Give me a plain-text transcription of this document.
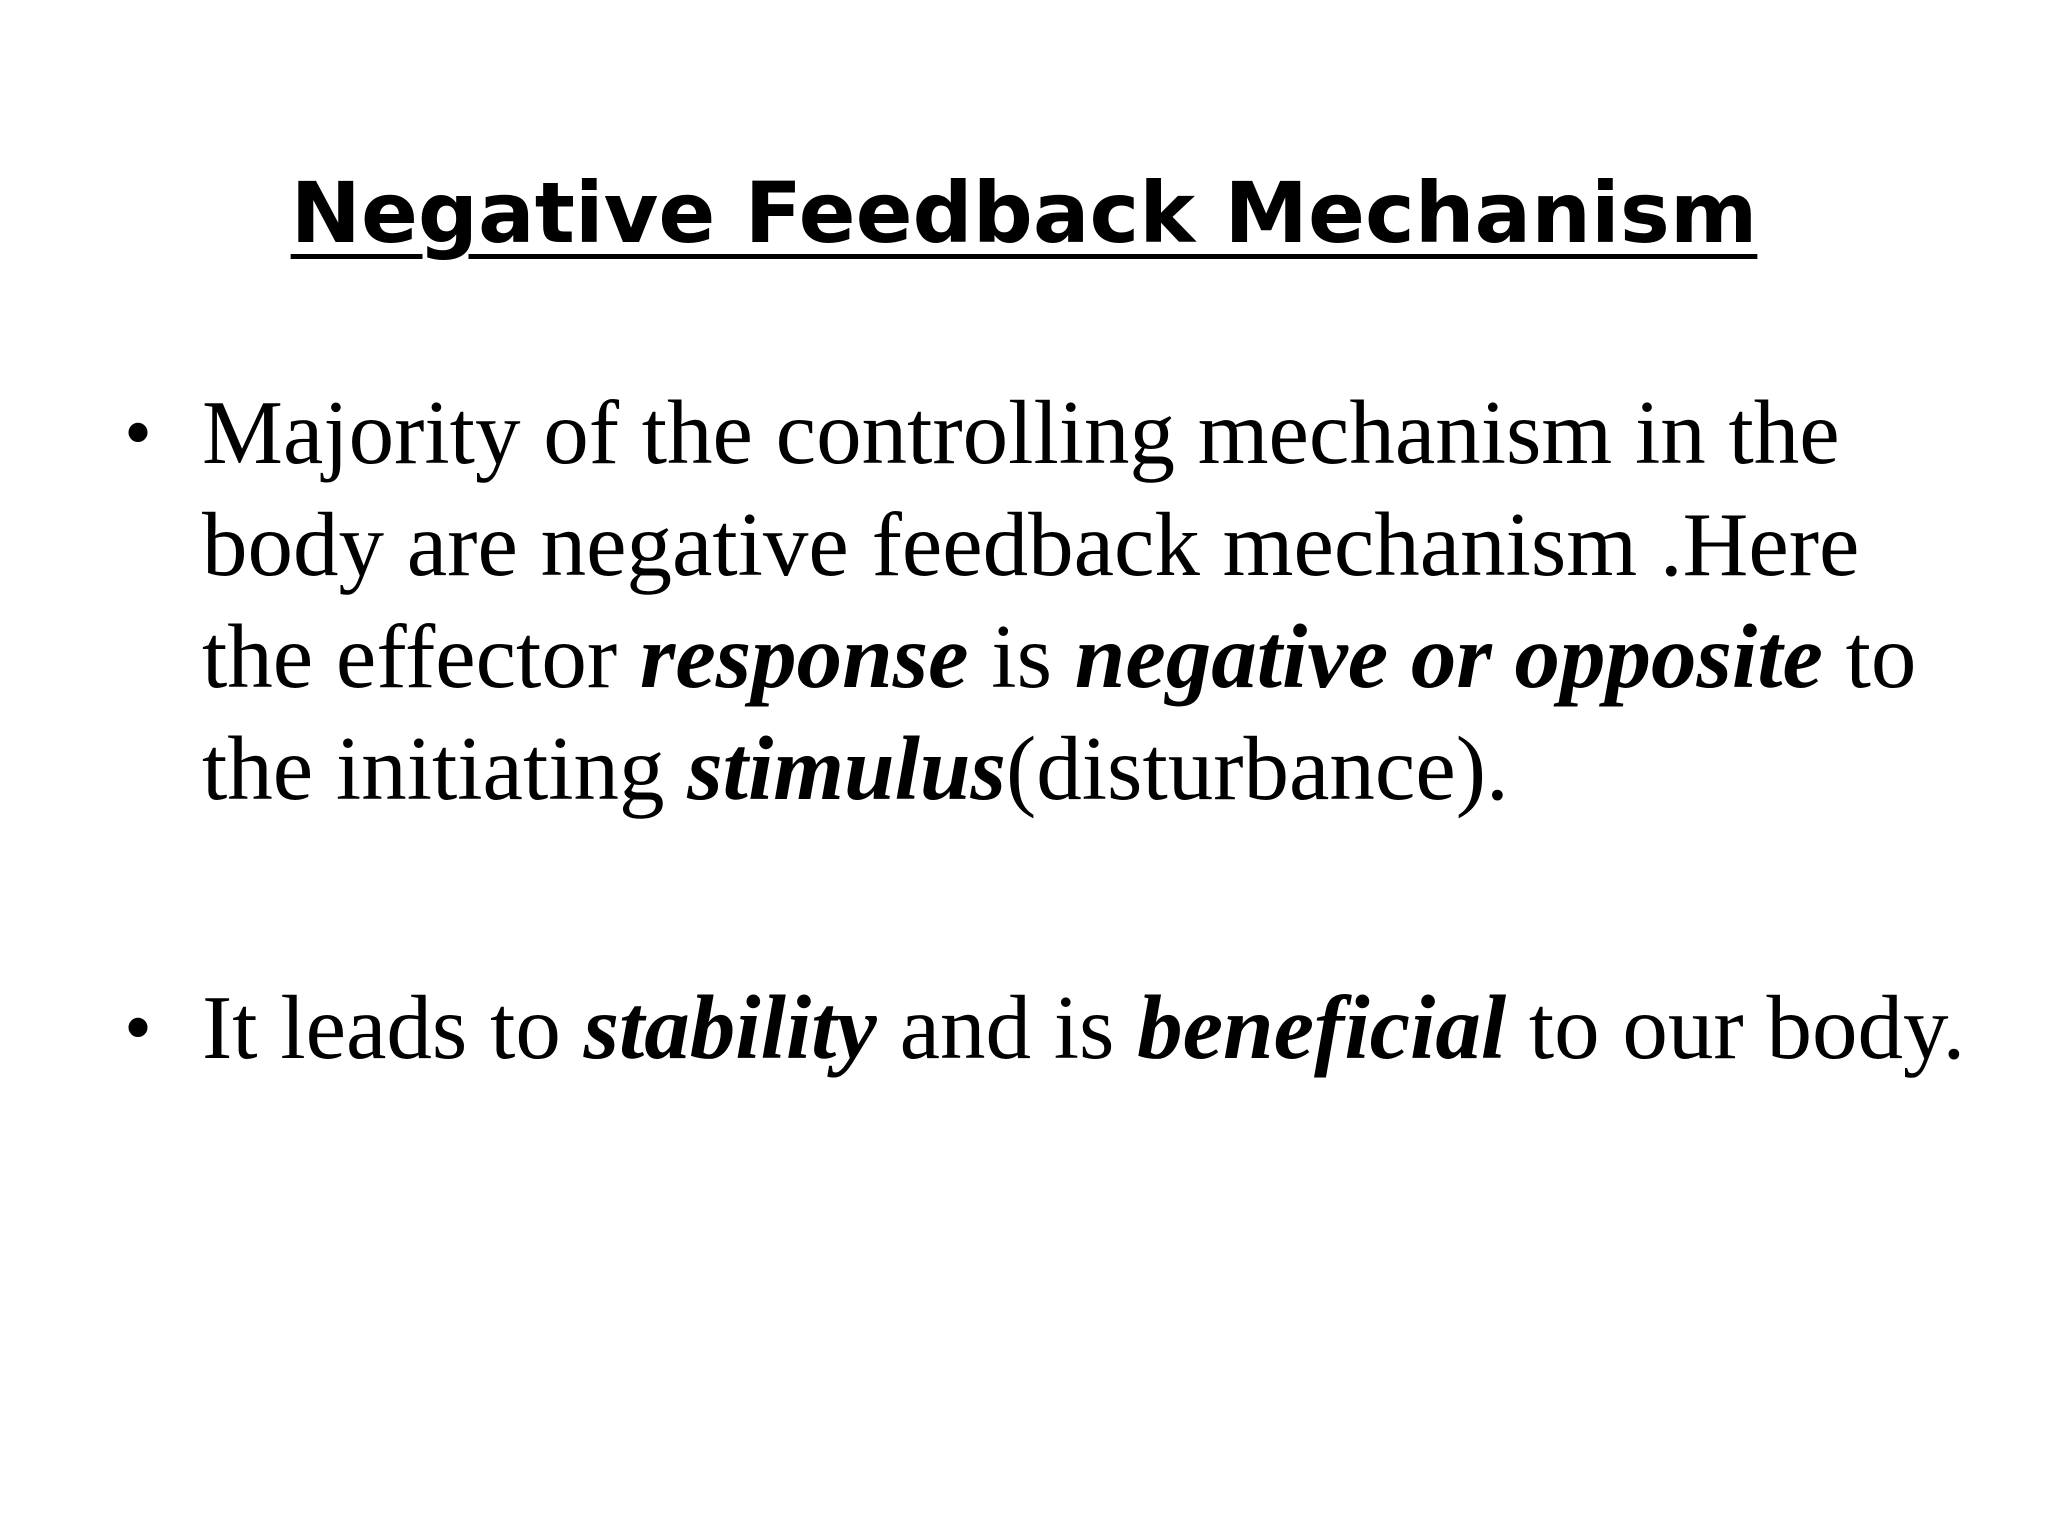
Negative Feedback Mechanism
• Majority of the controlling mechanism in the body are negative feedback mechanism .Here the effector response is negative or opposite to the initiating stimulus(disturbance).
• It leads to stability and is beneficial to our body.
